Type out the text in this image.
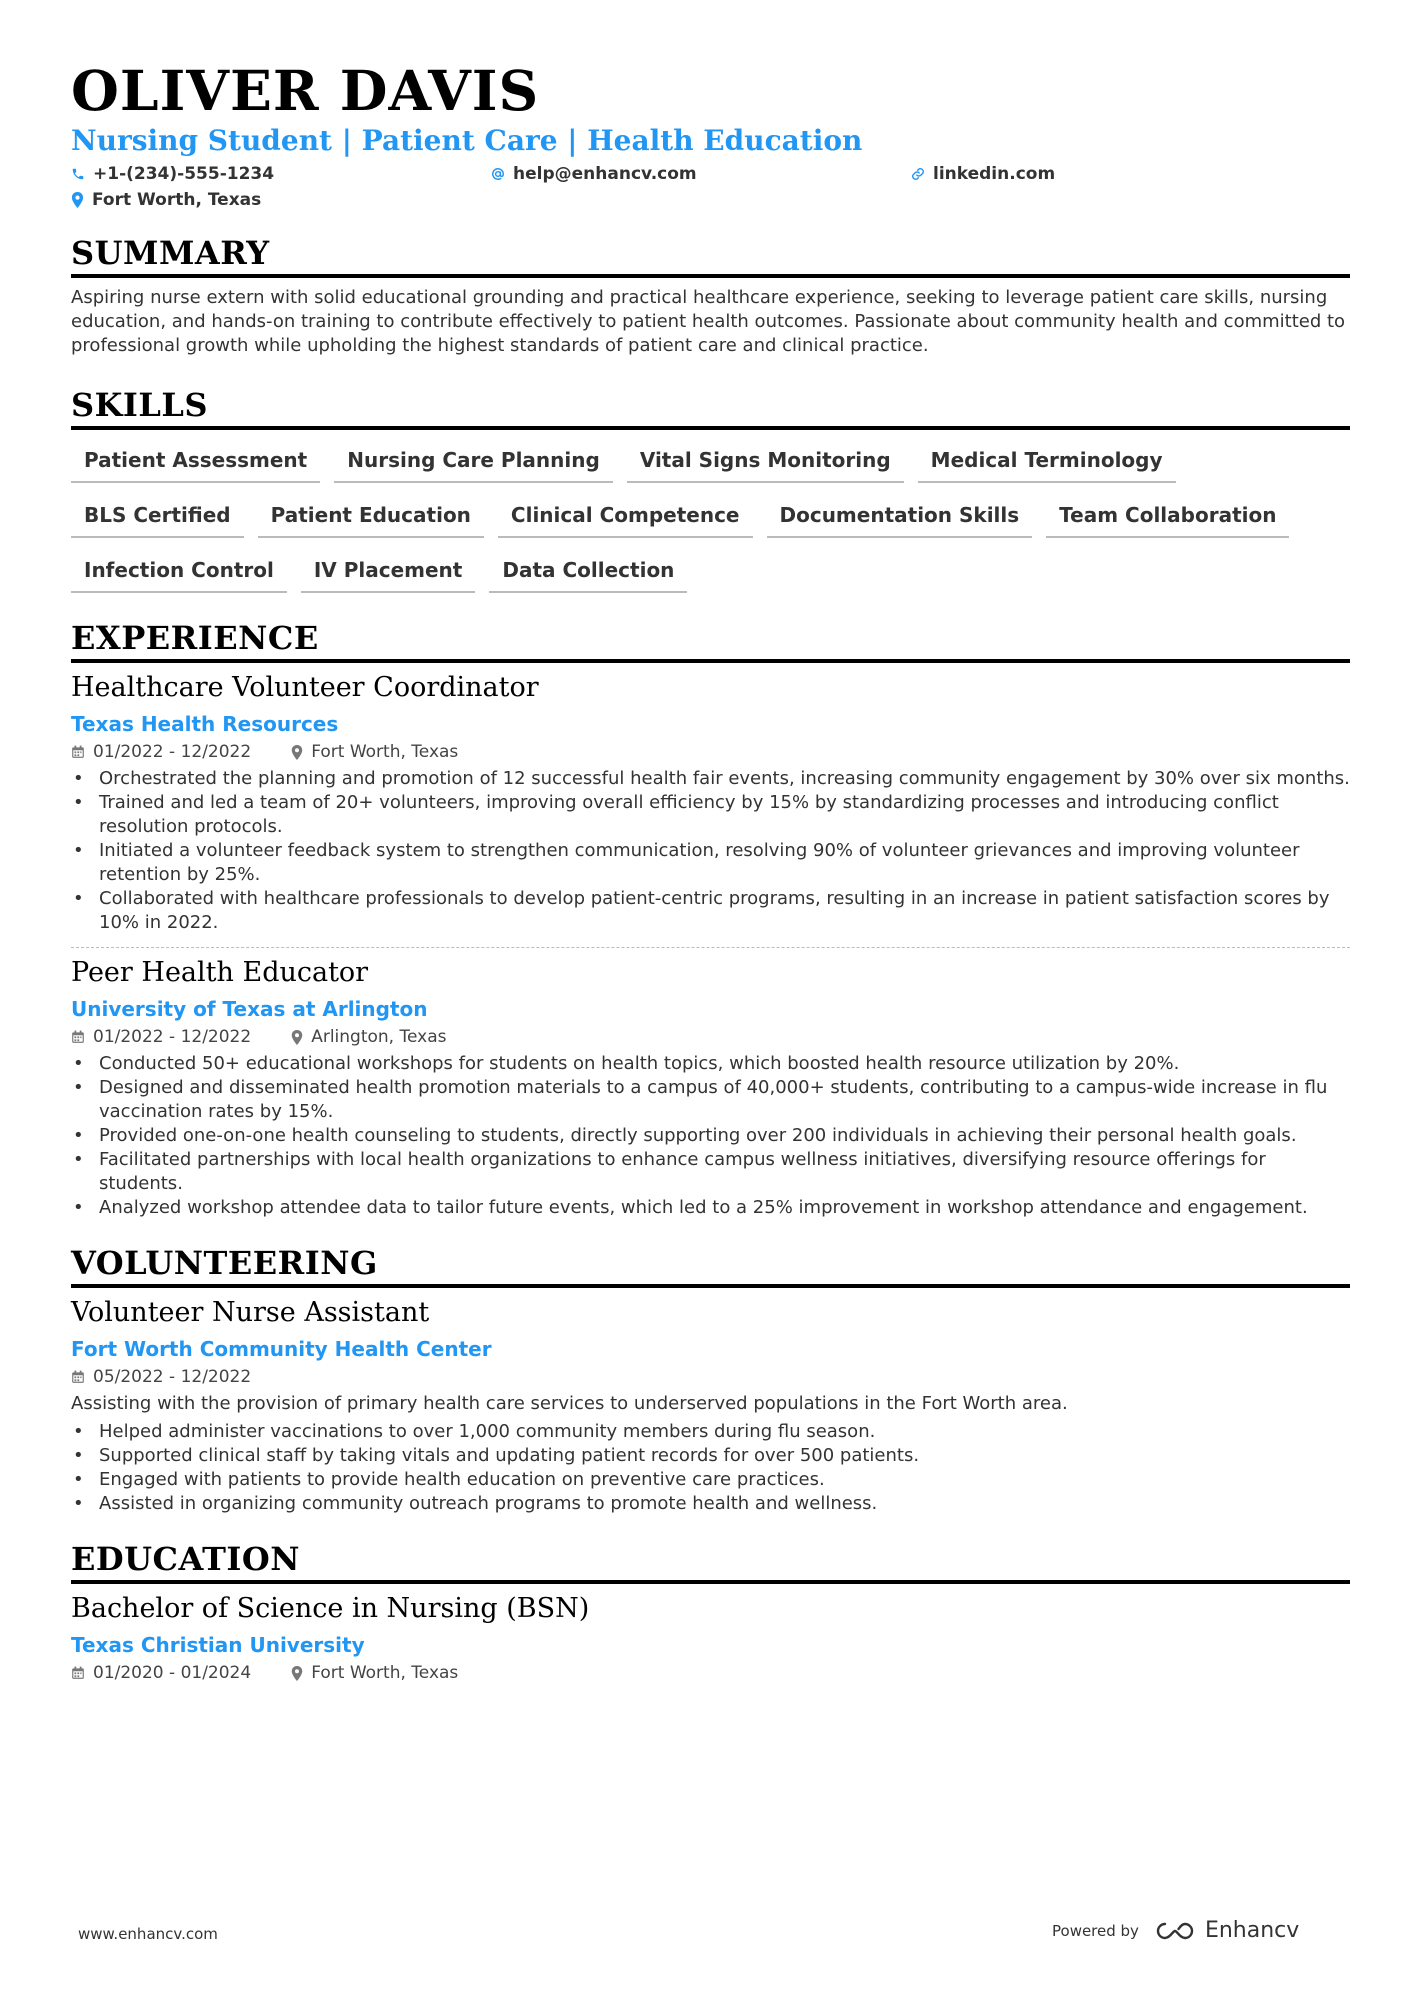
OLIVER DAVIS
Nursing Student | Patient Care | Health Education
+1-(234)-555-1234	help@enhancv.com	linkedin.com
Fort Worth, Texas
SUMMARY
Aspiring nurse extern with solid educational grounding and practical healthcare experience, seeking to leverage patient care skills, nursing education, and hands-on training to contribute effectively to patient health outcomes. Passionate about community health and committed to professional growth while upholding the highest standards of patient care and clinical practice.
SKILLS
Patient Assessment	Nursing Care Planning	Vital Signs Monitoring	Medical Terminology
BLS Certified	Patient Education	Clinical Competence	Documentation Skills	Team Collaboration
Infection Control	IV Placement	Data Collection
EXPERIENCE
Healthcare Volunteer Coordinator
Texas Health Resources
01/2022 - 12/2022	Fort Worth, Texas
• Orchestrated the planning and promotion of 12 successful health fair events, increasing community engagement by 30% over six months.
• Trained and led a team of 20+ volunteers, improving overall efficiency by 15% by standardizing processes and introducing conflict resolution protocols.
• Initiated a volunteer feedback system to strengthen communication, resolving 90% of volunteer grievances and improving volunteer retention by 25%.
• Collaborated with healthcare professionals to develop patient-centric programs, resulting in an increase in patient satisfaction scores by 10% in 2022.
Peer Health Educator
University of Texas at Arlington
01/2022 - 12/2022	Arlington, Texas
• Conducted 50+ educational workshops for students on health topics, which boosted health resource utilization by 20%.
• Designed and disseminated health promotion materials to a campus of 40,000+ students, contributing to a campus-wide increase in flu vaccination rates by 15%.
• Provided one-on-one health counseling to students, directly supporting over 200 individuals in achieving their personal health goals.
• Facilitated partnerships with local health organizations to enhance campus wellness initiatives, diversifying resource offerings for students.
• Analyzed workshop attendee data to tailor future events, which led to a 25% improvement in workshop attendance and engagement.
VOLUNTEERING
Volunteer Nurse Assistant
Fort Worth Community Health Center
05/2022 - 12/2022
Assisting with the provision of primary health care services to underserved populations in the Fort Worth area.
• Helped administer vaccinations to over 1,000 community members during flu season.
• Supported clinical staff by taking vitals and updating patient records for over 500 patients.
• Engaged with patients to provide health education on preventive care practices.
• Assisted in organizing community outreach programs to promote health and wellness.
EDUCATION
Bachelor of Science in Nursing (BSN)
Texas Christian University
01/2020 - 01/2024	Fort Worth, Texas
www.enhancv.com	Powered by	Enhancv
